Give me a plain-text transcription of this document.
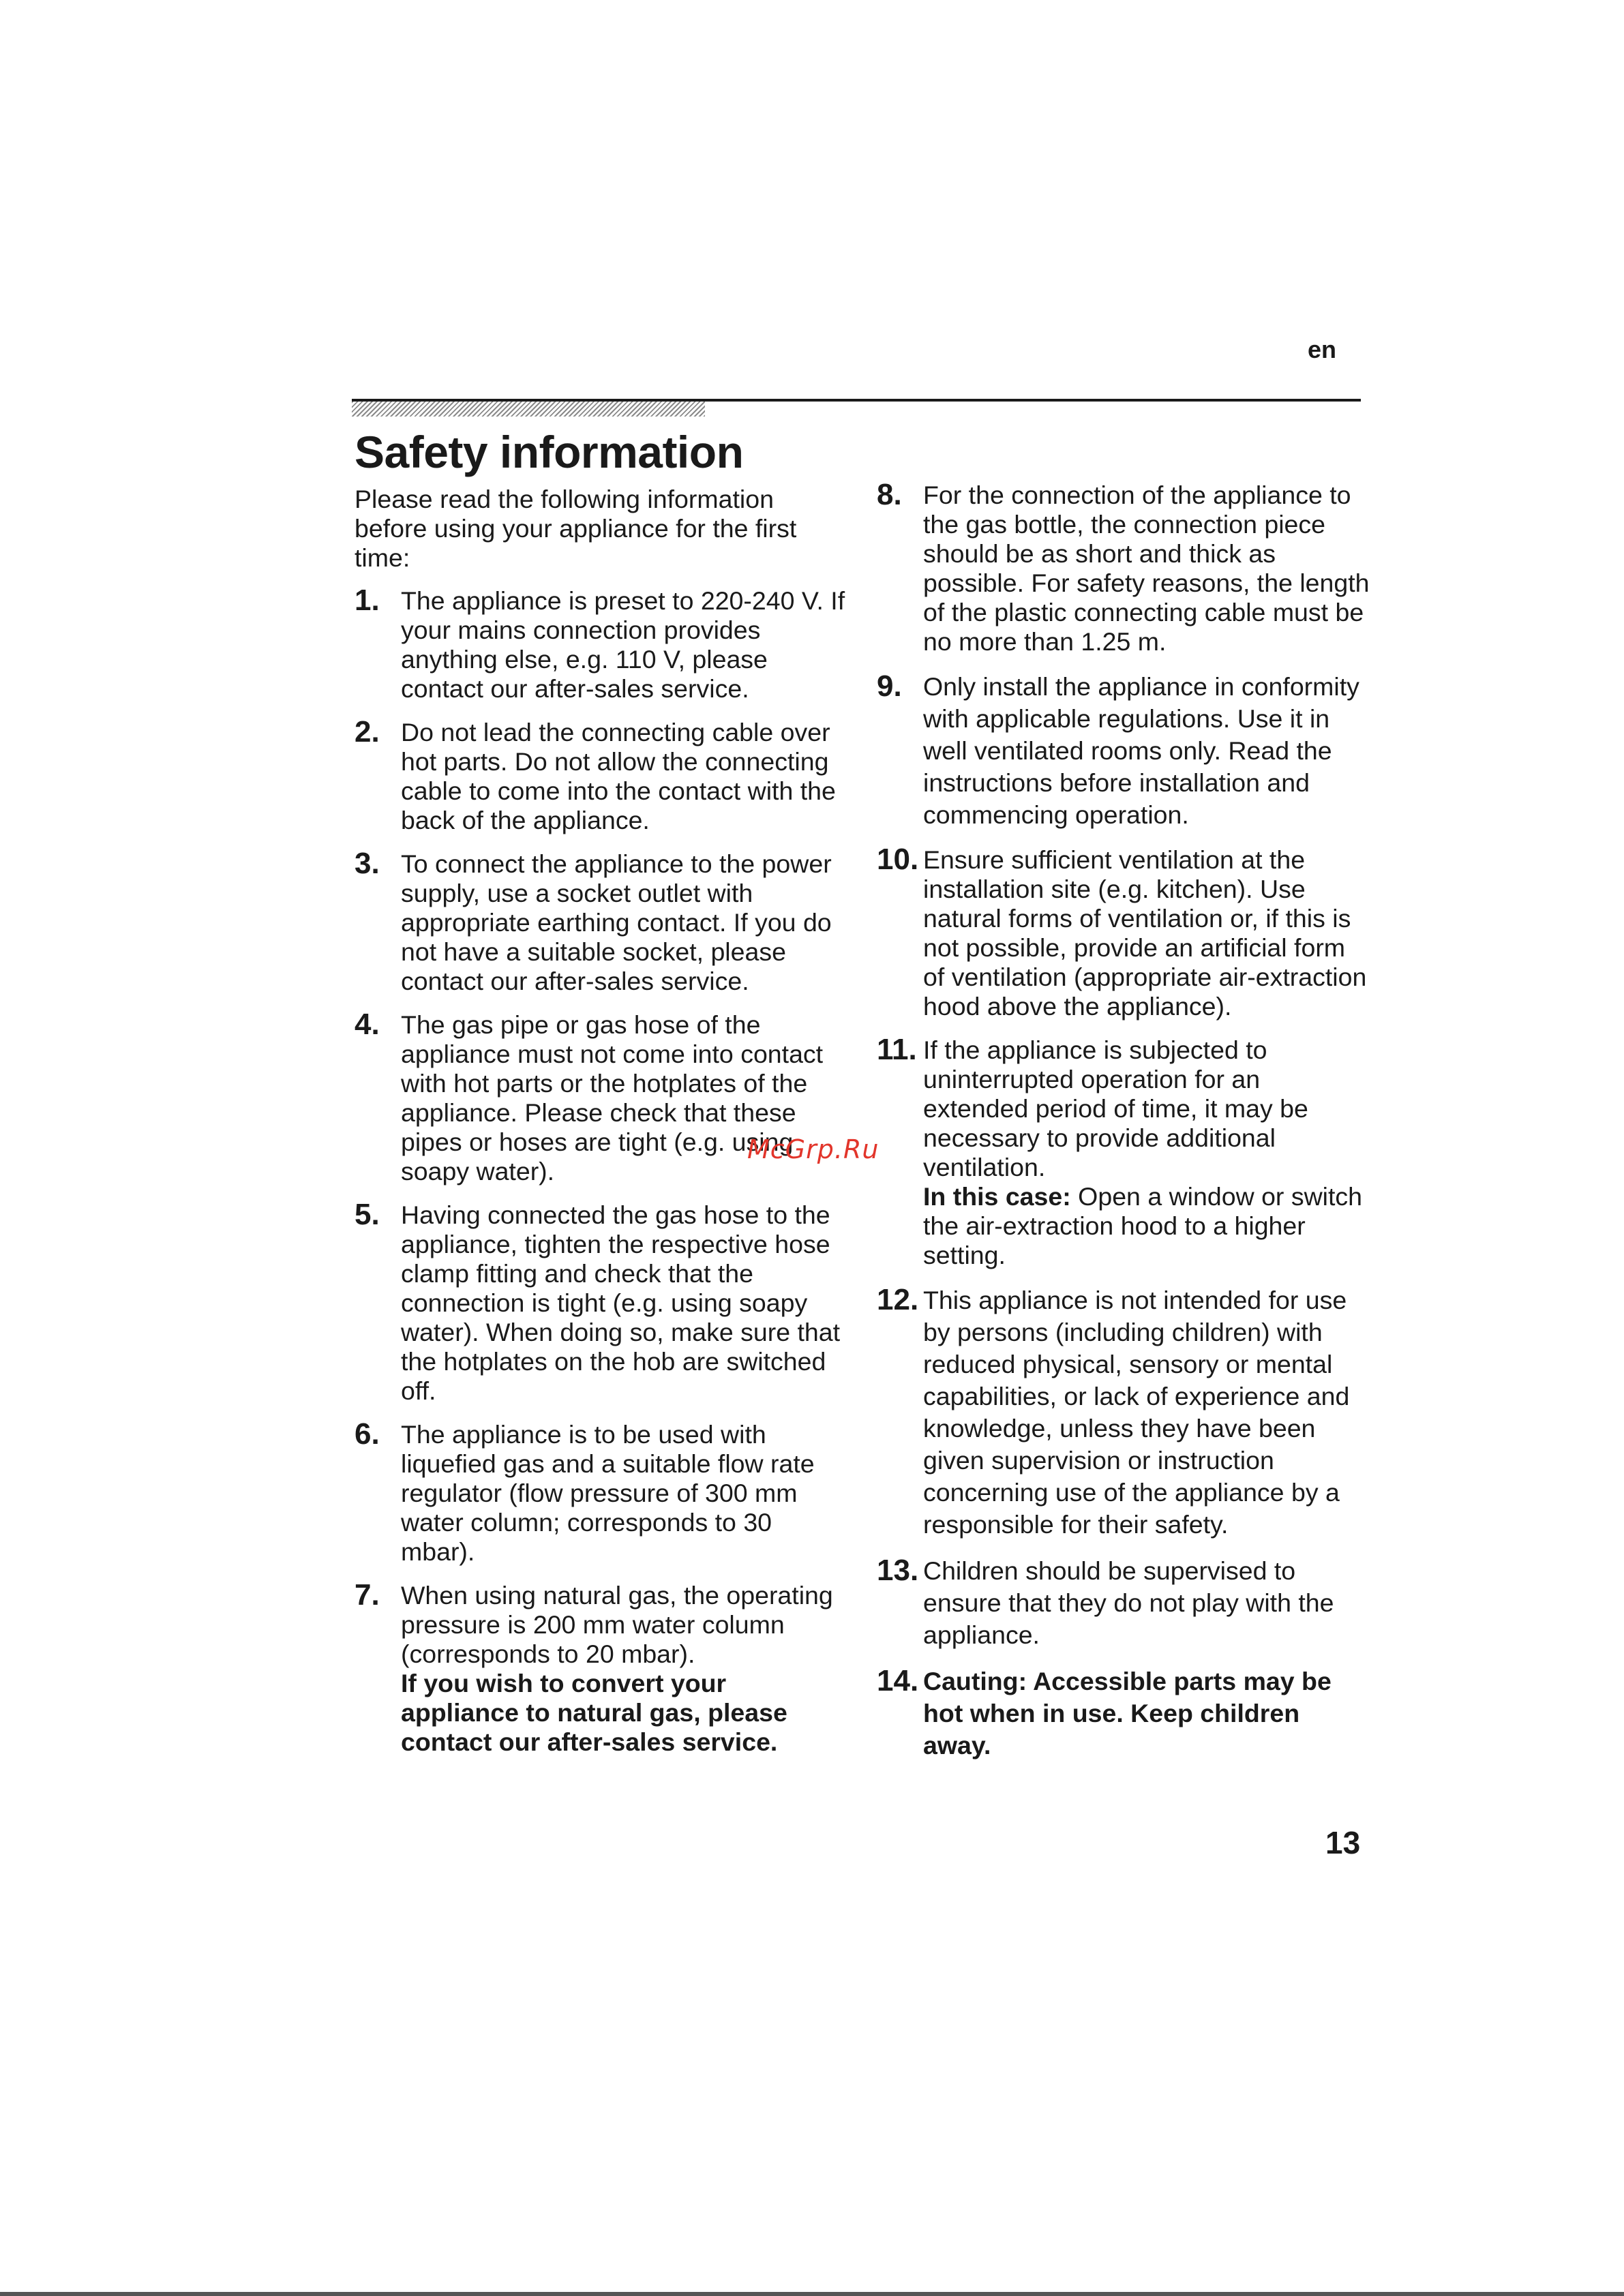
en
Safety information

Please read the following information before using your appliance for the first time:

1. The appliance is preset to 220-240 V. If your mains connection provides anything else, e.g. 110 V, please contact our after-sales service.
2. Do not lead the connecting cable over hot parts. Do not allow the connecting cable to come into the contact with the back of the appliance.
3. To connect the appliance to the power supply, use a socket outlet with appropriate earthing contact. If you do not have a suitable socket, please contact our after-sales service.
4. The gas pipe or gas hose of the appliance must not come into contact with hot parts or the hotplates of the appliance. Please check that these pipes or hoses are tight (e.g. using soapy water).
5. Having connected the gas hose to the appliance, tighten the respective hose clamp fitting and check that the connection is tight (e.g. using soapy water). When doing so, make sure that the hotplates on the hob are switched off.
6. The appliance is to be used with liquefied gas and a suitable flow rate regulator (flow pressure of 300 mm water column; corresponds to 30 mbar).
7. When using natural gas, the operating pressure is 200 mm water column (corresponds to 20 mbar).
If you wish to convert your appliance to natural gas, please contact our after-sales service.
8. For the connection of the appliance to the gas bottle, the connection piece should be as short and thick as possible. For safety reasons, the length of the plastic connecting cable must be no more than 1.25 m.
9. Only install the appliance in conformity with applicable regulations. Use it in well ventilated rooms only. Read the instructions before installation and commencing operation.
10. Ensure sufficient ventilation at the installation site (e.g. kitchen). Use natural forms of ventilation or, if this is not possible, provide an artificial form of ventilation (appropriate air-extraction hood above the appliance).
11. If the appliance is subjected to uninterrupted operation for an extended period of time, it may be necessary to provide additional ventilation.
In this case: Open a window or switch the air-extraction hood to a higher setting.
12. This appliance is not intended for use by persons (including children) with reduced physical, sensory or mental capabilities, or lack of experience and knowledge, unless they have been given supervision or instruction concerning use of the appliance by a responsible for their safety.
13. Children should be supervised to ensure that they do not play with the appliance.
14. Cauting: Accessible parts may be hot when in use. Keep children away.
McGrp.Ru
13
